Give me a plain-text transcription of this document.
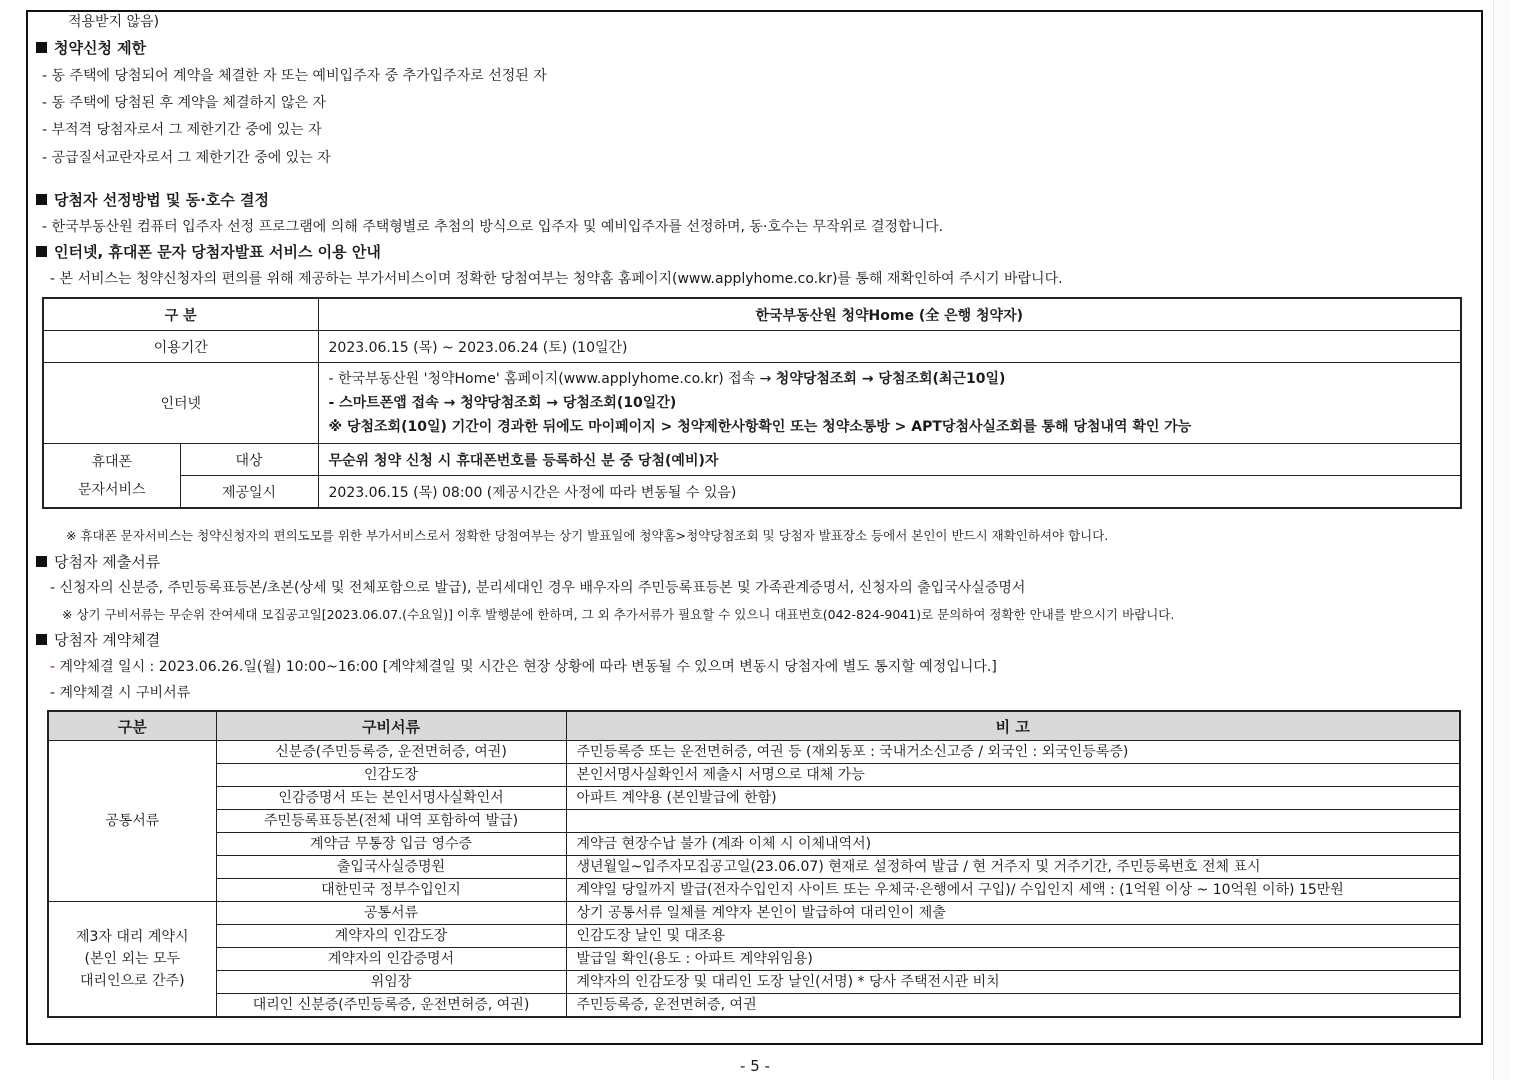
적용받지 않음)
청약신청 제한
- 동 주택에 당첨되어 계약을 체결한 자 또는 예비입주자 중 추가입주자로 선정된 자
- 동 주택에 당첨된 후 계약을 체결하지 않은 자
- 부적격 당첨자로서 그 제한기간 중에 있는 자
- 공급질서교란자로서 그 제한기간 중에 있는 자
당첨자 선정방법 및 동·호수 결정
- 한국부동산원 컴퓨터 입주자 선정 프로그램에 의해 주택형별로 추첨의 방식으로 입주자 및 예비입주자를 선정하며, 동·호수는 무작위로 결정합니다.
인터넷, 휴대폰 문자 당첨자발표 서비스 이용 안내
- 본 서비스는 청약신청자의 편의를 위해 제공하는 부가서비스이며 정확한 당첨여부는 청약홈 홈페이지(www.applyhome.co.kr)를 통해 재확인하여 주시기 바랍니다.
구 분		한국부동산원 청약Home (全 은행 청약자)
이용기간		2023.06.15 (목) ~ 2023.06.24 (토) (10일간)
인터넷		- 한국부동산원 '청약Home' 홈페이지(www.applyhome.co.kr) 접속 → 청약당첨조회 → 당첨조회(최근10일)
- 스마트폰앱 접속 → 청약당첨조회 → 당첨조회(10일간)
※ 당첨조회(10일) 기간이 경과한 뒤에도 마이페이지 > 청약제한사항확인 또는 청약소통방 > APT당첨사실조회를 통해 당첨내역 확인 가능

휴대폰
문자서비스	대상	무순위 청약 신청 시 휴대폰번호를 등록하신 분 중 당첨(예비)자
	제공일시	2023.06.15 (목) 08:00 (제공시간은 사정에 따라 변동될 수 있음)
※ 휴대폰 문자서비스는 청약신청자의 편의도모를 위한 부가서비스로서 정확한 당첨여부는 상기 발표일에 청약홈>청약당첨조회 및 당첨자 발표장소 등에서 본인이 반드시 재확인하셔야 합니다.
당첨자 제출서류
- 신청자의 신분증, 주민등록표등본/초본(상세 및 전체포함으로 발급), 분리세대인 경우 배우자의 주민등록표등본 및 가족관계증명서, 신청자의 출입국사실증명서
※ 상기 구비서류는 무순위 잔여세대 모집공고일[2023.06.07.(수요일)] 이후 발행분에 한하며, 그 외 추가서류가 필요할 수 있으니 대표번호(042-824-9041)로 문의하여 정확한 안내를 받으시기 바랍니다.
당첨자 계약체결
- 계약체결 일시 : 2023.06.26.일(월) 10:00~16:00 [계약체결일 및 시간은 현장 상황에 따라 변동될 수 있으며 변동시 당첨자에 별도 통지할 예정입니다.]
- 계약체결 시 구비서류
구분	구비서류	비 고
공통서류	신분증(주민등록증, 운전면허증, 여권)	주민등록증 또는 운전면허증, 여권 등 (재외동포 : 국내거소신고증 / 외국인 : 외국인등록증)
	인감도장	본인서명사실확인서 제출시 서명으로 대체 가능
	인감증명서 또는 본인서명사실확인서	아파트 계약용 (본인발급에 한함)
	주민등록표등본(전체 내역 포함하여 발급)	
	계약금 무통장 입금 영수증	계약금 현장수납 불가 (계좌 이체 시 이체내역서)
	출입국사실증명원	생년월일~입주자모집공고일(23.06.07) 현재로 설정하여 발급 / 현 거주지 및 거주기간, 주민등록번호 전체 표시
	대한민국 정부수입인지	계약일 당일까지 발급(전자수입인지 사이트 또는 우체국·은행에서 구입)/ 수입인지 세액 : (1억원 이상 ~ 10억원 이하) 15만원

제3자 대리 계약시
(본인 외는 모두
대리인으로 간주)	공통서류	상기 공통서류 일체를 계약자 본인이 발급하여 대리인이 제출
	계약자의 인감도장	인감도장 날인 및 대조용
	계약자의 인감증명서	발급일 확인(용도 : 아파트 계약위임용)
	위임장	계약자의 인감도장 및 대리인 도장 날인(서명) * 당사 주택전시관 비치
	대리인 신분증(주민등록증, 운전면허증, 여권)	주민등록증, 운전면허증, 여권
- 5 -
